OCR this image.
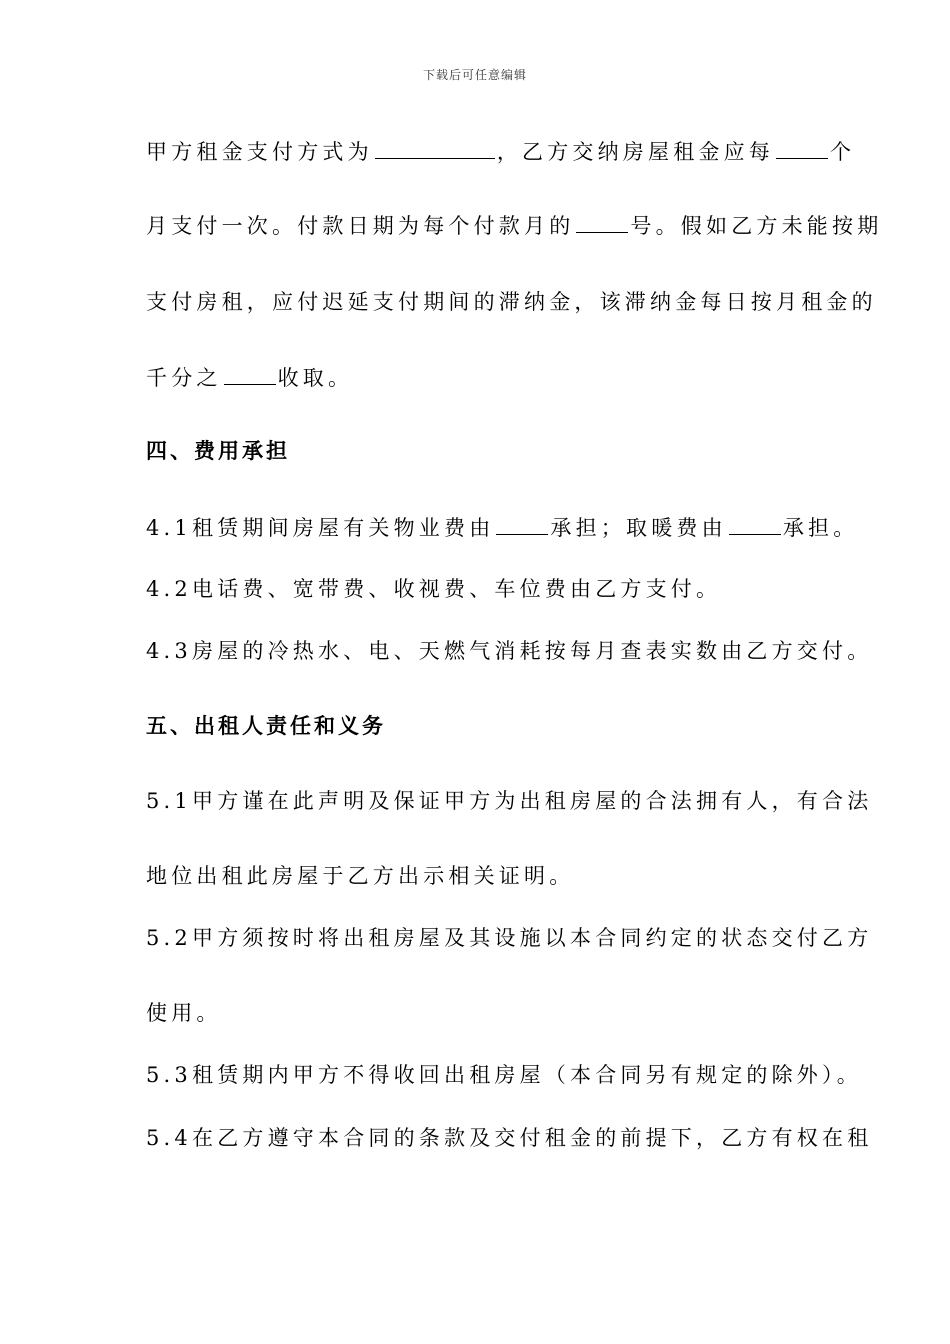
下载后可任意编辑
甲方租金支付方式为	，乙方交纳房屋租金应每	个
月支付一次。付款日期为每个付款月的	号。假如乙方未能按期
支付房租，应付迟延支付期间的滞纳金，该滞纳金每日按月租金的
千分之	收取。
四、费用承担
4.1租赁期间房屋有关物业费由	承担；取暖费由	承担。
4.2电话费、宽带费、收视费、车位费由乙方支付。
4.3房屋的冷热水、电、天燃气消耗按每月查表实数由乙方交付。
五、出租人责任和义务
5.1甲方谨在此声明及保证甲方为出租房屋的合法拥有人，有合法
地位出租此房屋于乙方出示相关证明。
5.2甲方须按时将出租房屋及其设施以本合同约定的状态交付乙方
使用。
5.3租赁期内甲方不得收回出租房屋（本合同另有规定的除外）。
5.4在乙方遵守本合同的条款及交付租金的前提下，乙方有权在租
